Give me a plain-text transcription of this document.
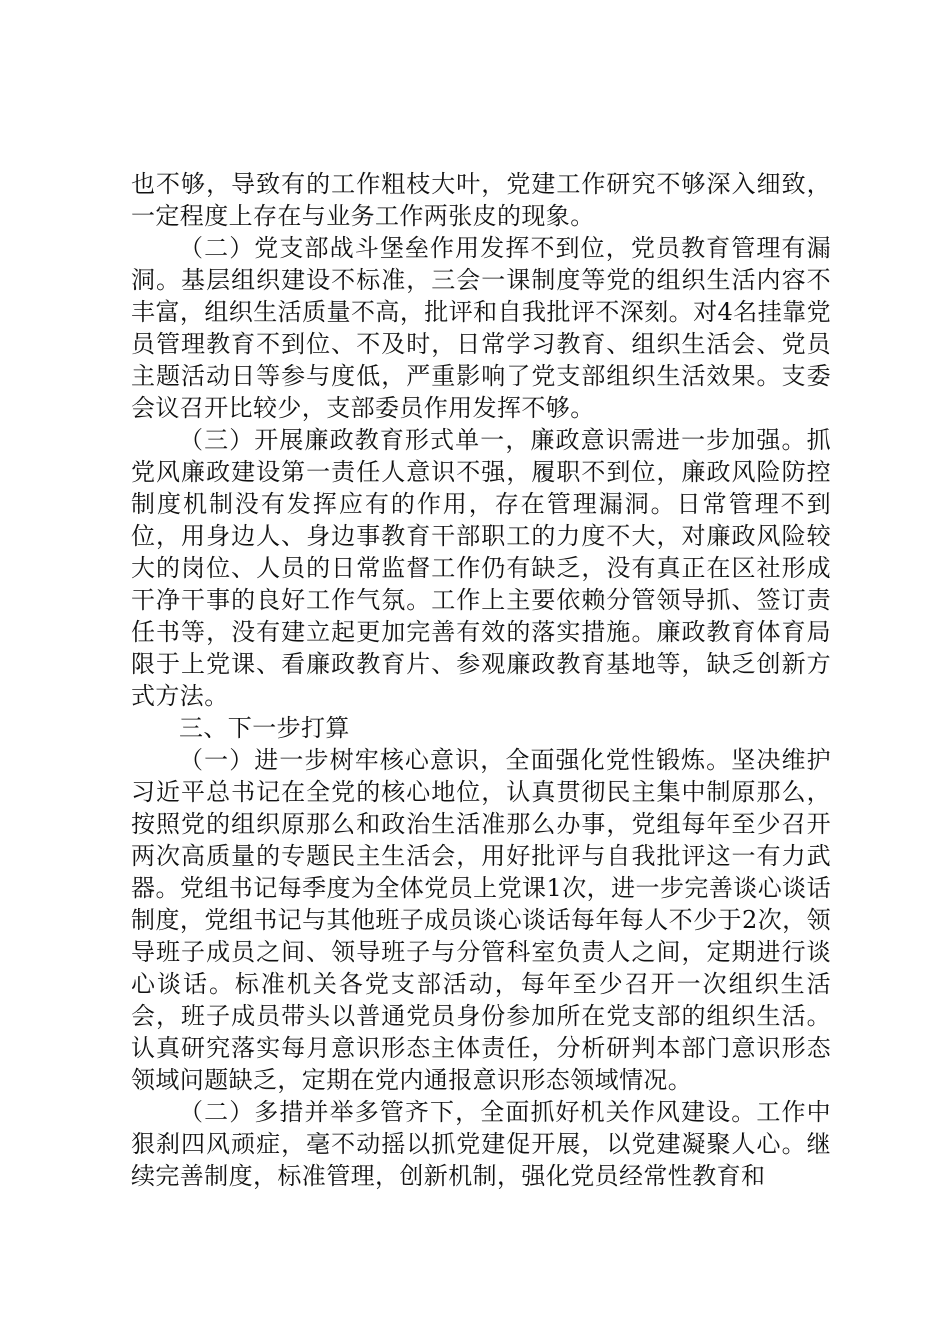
也不够，导致有的工作粗枝大叶，党建工作研究不够深入细致，一定程度上存在与业务工作两张皮的现象。

（二）党支部战斗堡垒作用发挥不到位，党员教育管理有漏洞。基层组织建设不标准，三会一课制度等党的组织生活内容不丰富，组织生活质量不高，批评和自我批评不深刻。对4名挂靠党员管理教育不到位、不及时，日常学习教育、组织生活会、党员主题活动日等参与度低，严重影响了党支部组织生活效果。支委会议召开比较少，支部委员作用发挥不够。

（三）开展廉政教育形式单一，廉政意识需进一步加强。抓党风廉政建设第一责任人意识不强，履职不到位，廉政风险防控制度机制没有发挥应有的作用，存在管理漏洞。日常管理不到位，用身边人、身边事教育干部职工的力度不大，对廉政风险较大的岗位、人员的日常监督工作仍有缺乏，没有真正在区社形成干净干事的良好工作气氛。工作上主要依赖分管领导抓、签订责任书等，没有建立起更加完善有效的落实措施。廉政教育体育局限于上党课、看廉政教育片、参观廉政教育基地等，缺乏创新方式方法。

三、下一步打算

（一）进一步树牢核心意识，全面强化党性锻炼。坚决维护习近平总书记在全党的核心地位，认真贯彻民主集中制原那么，按照党的组织原那么和政治生活准那么办事，党组每年至少召开两次高质量的专题民主生活会，用好批评与自我批评这一有力武器。党组书记每季度为全体党员上党课1次，进一步完善谈心谈话制度，党组书记与其他班子成员谈心谈话每年每人不少于2次，领导班子成员之间、领导班子与分管科室负责人之间，定期进行谈心谈话。标准机关各党支部活动，每年至少召开一次组织生活会，班子成员带头以普通党员身份参加所在党支部的组织生活。认真研究落实每月意识形态主体责任，分析研判本部门意识形态领域问题缺乏，定期在党内通报意识形态领域情况。

（二）多措并举多管齐下，全面抓好机关作风建设。工作中狠刹四风顽症，毫不动摇以抓党建促开展，以党建凝聚人心。继续完善制度，标准管理，创新机制，强化党员经常性教育和
